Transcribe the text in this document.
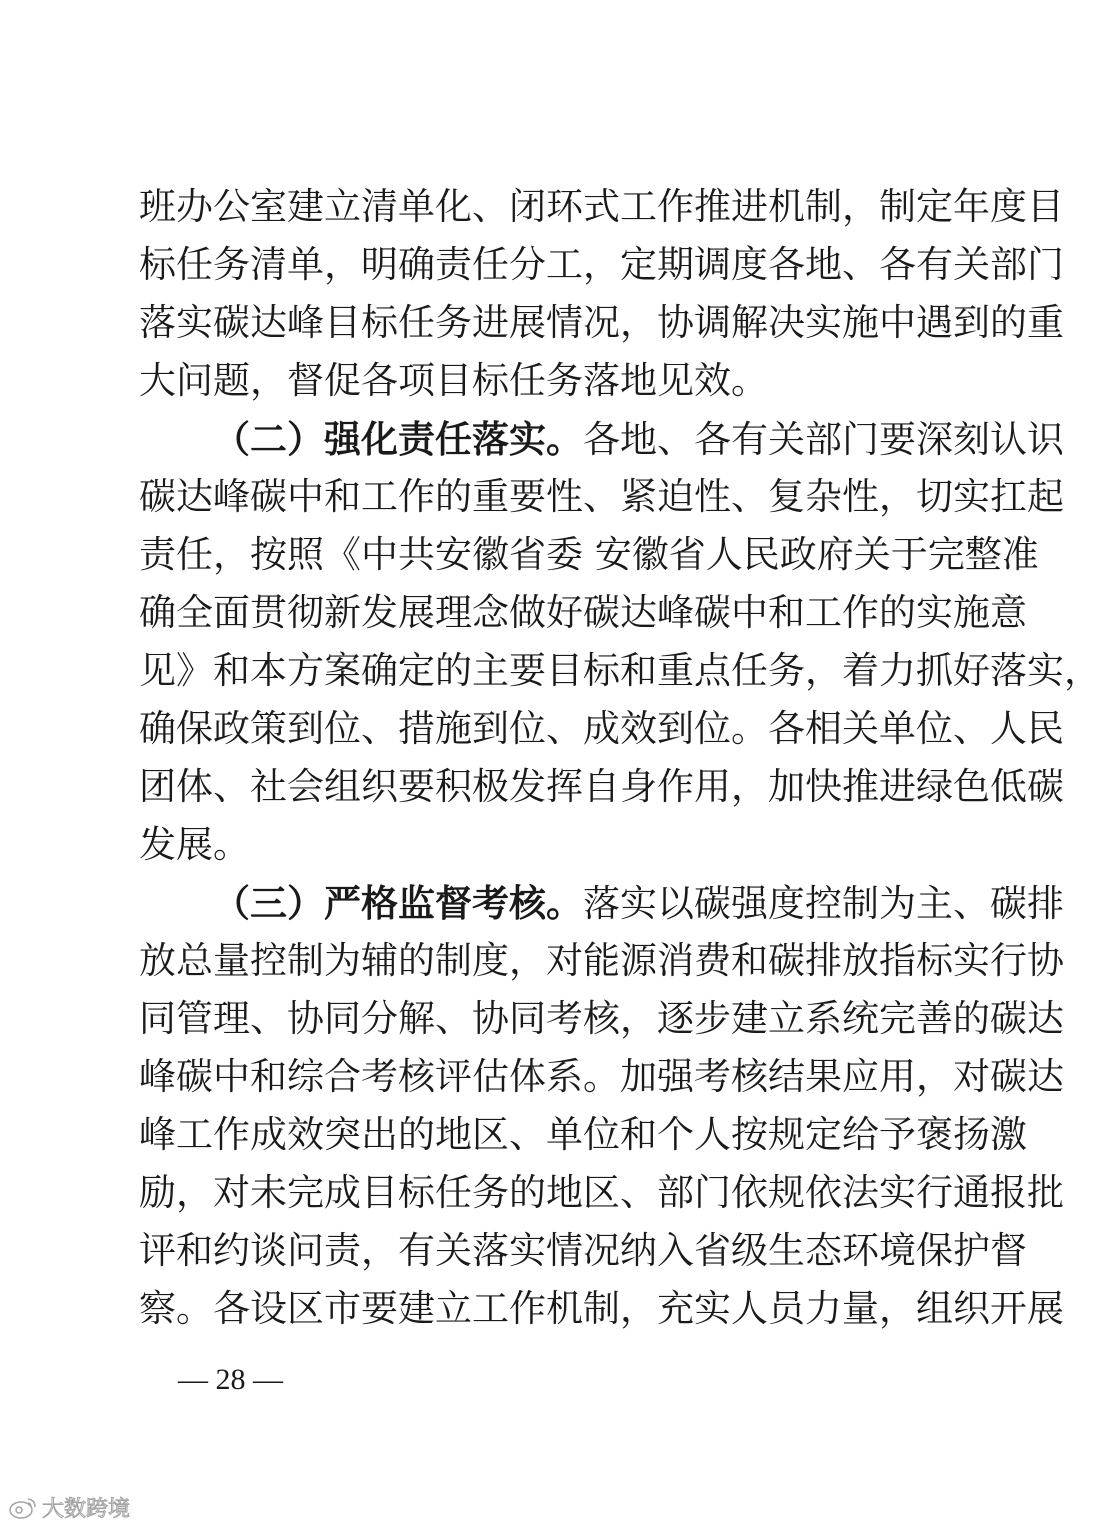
班办公室建立清单化、闭环式工作推进机制，制定年度目
标任务清单，明确责任分工，定期调度各地、各有关部门
落实碳达峰目标任务进展情况，协调解决实施中遇到的重
大问题，督促各项目标任务落地见效。
（二）强化责任落实。各地、各有关部门要深刻认识
碳达峰碳中和工作的重要性、紧迫性、复杂性，切实扛起
责任，按照《中共安徽省委 安徽省人民政府关于完整准
确全面贯彻新发展理念做好碳达峰碳中和工作的实施意
见》和本方案确定的主要目标和重点任务，着力抓好落实，
确保政策到位、措施到位、成效到位。各相关单位、人民
团体、社会组织要积极发挥自身作用，加快推进绿色低碳
发展。
（三）严格监督考核。落实以碳强度控制为主、碳排
放总量控制为辅的制度，对能源消费和碳排放指标实行协
同管理、协同分解、协同考核，逐步建立系统完善的碳达
峰碳中和综合考核评估体系。加强考核结果应用，对碳达
峰工作成效突出的地区、单位和个人按规定给予褒扬激
励，对未完成目标任务的地区、部门依规依法实行通报批
评和约谈问责，有关落实情况纳入省级生态环境保护督
察。各设区市要建立工作机制，充实人员力量，组织开展
— 28 —
大数跨境
